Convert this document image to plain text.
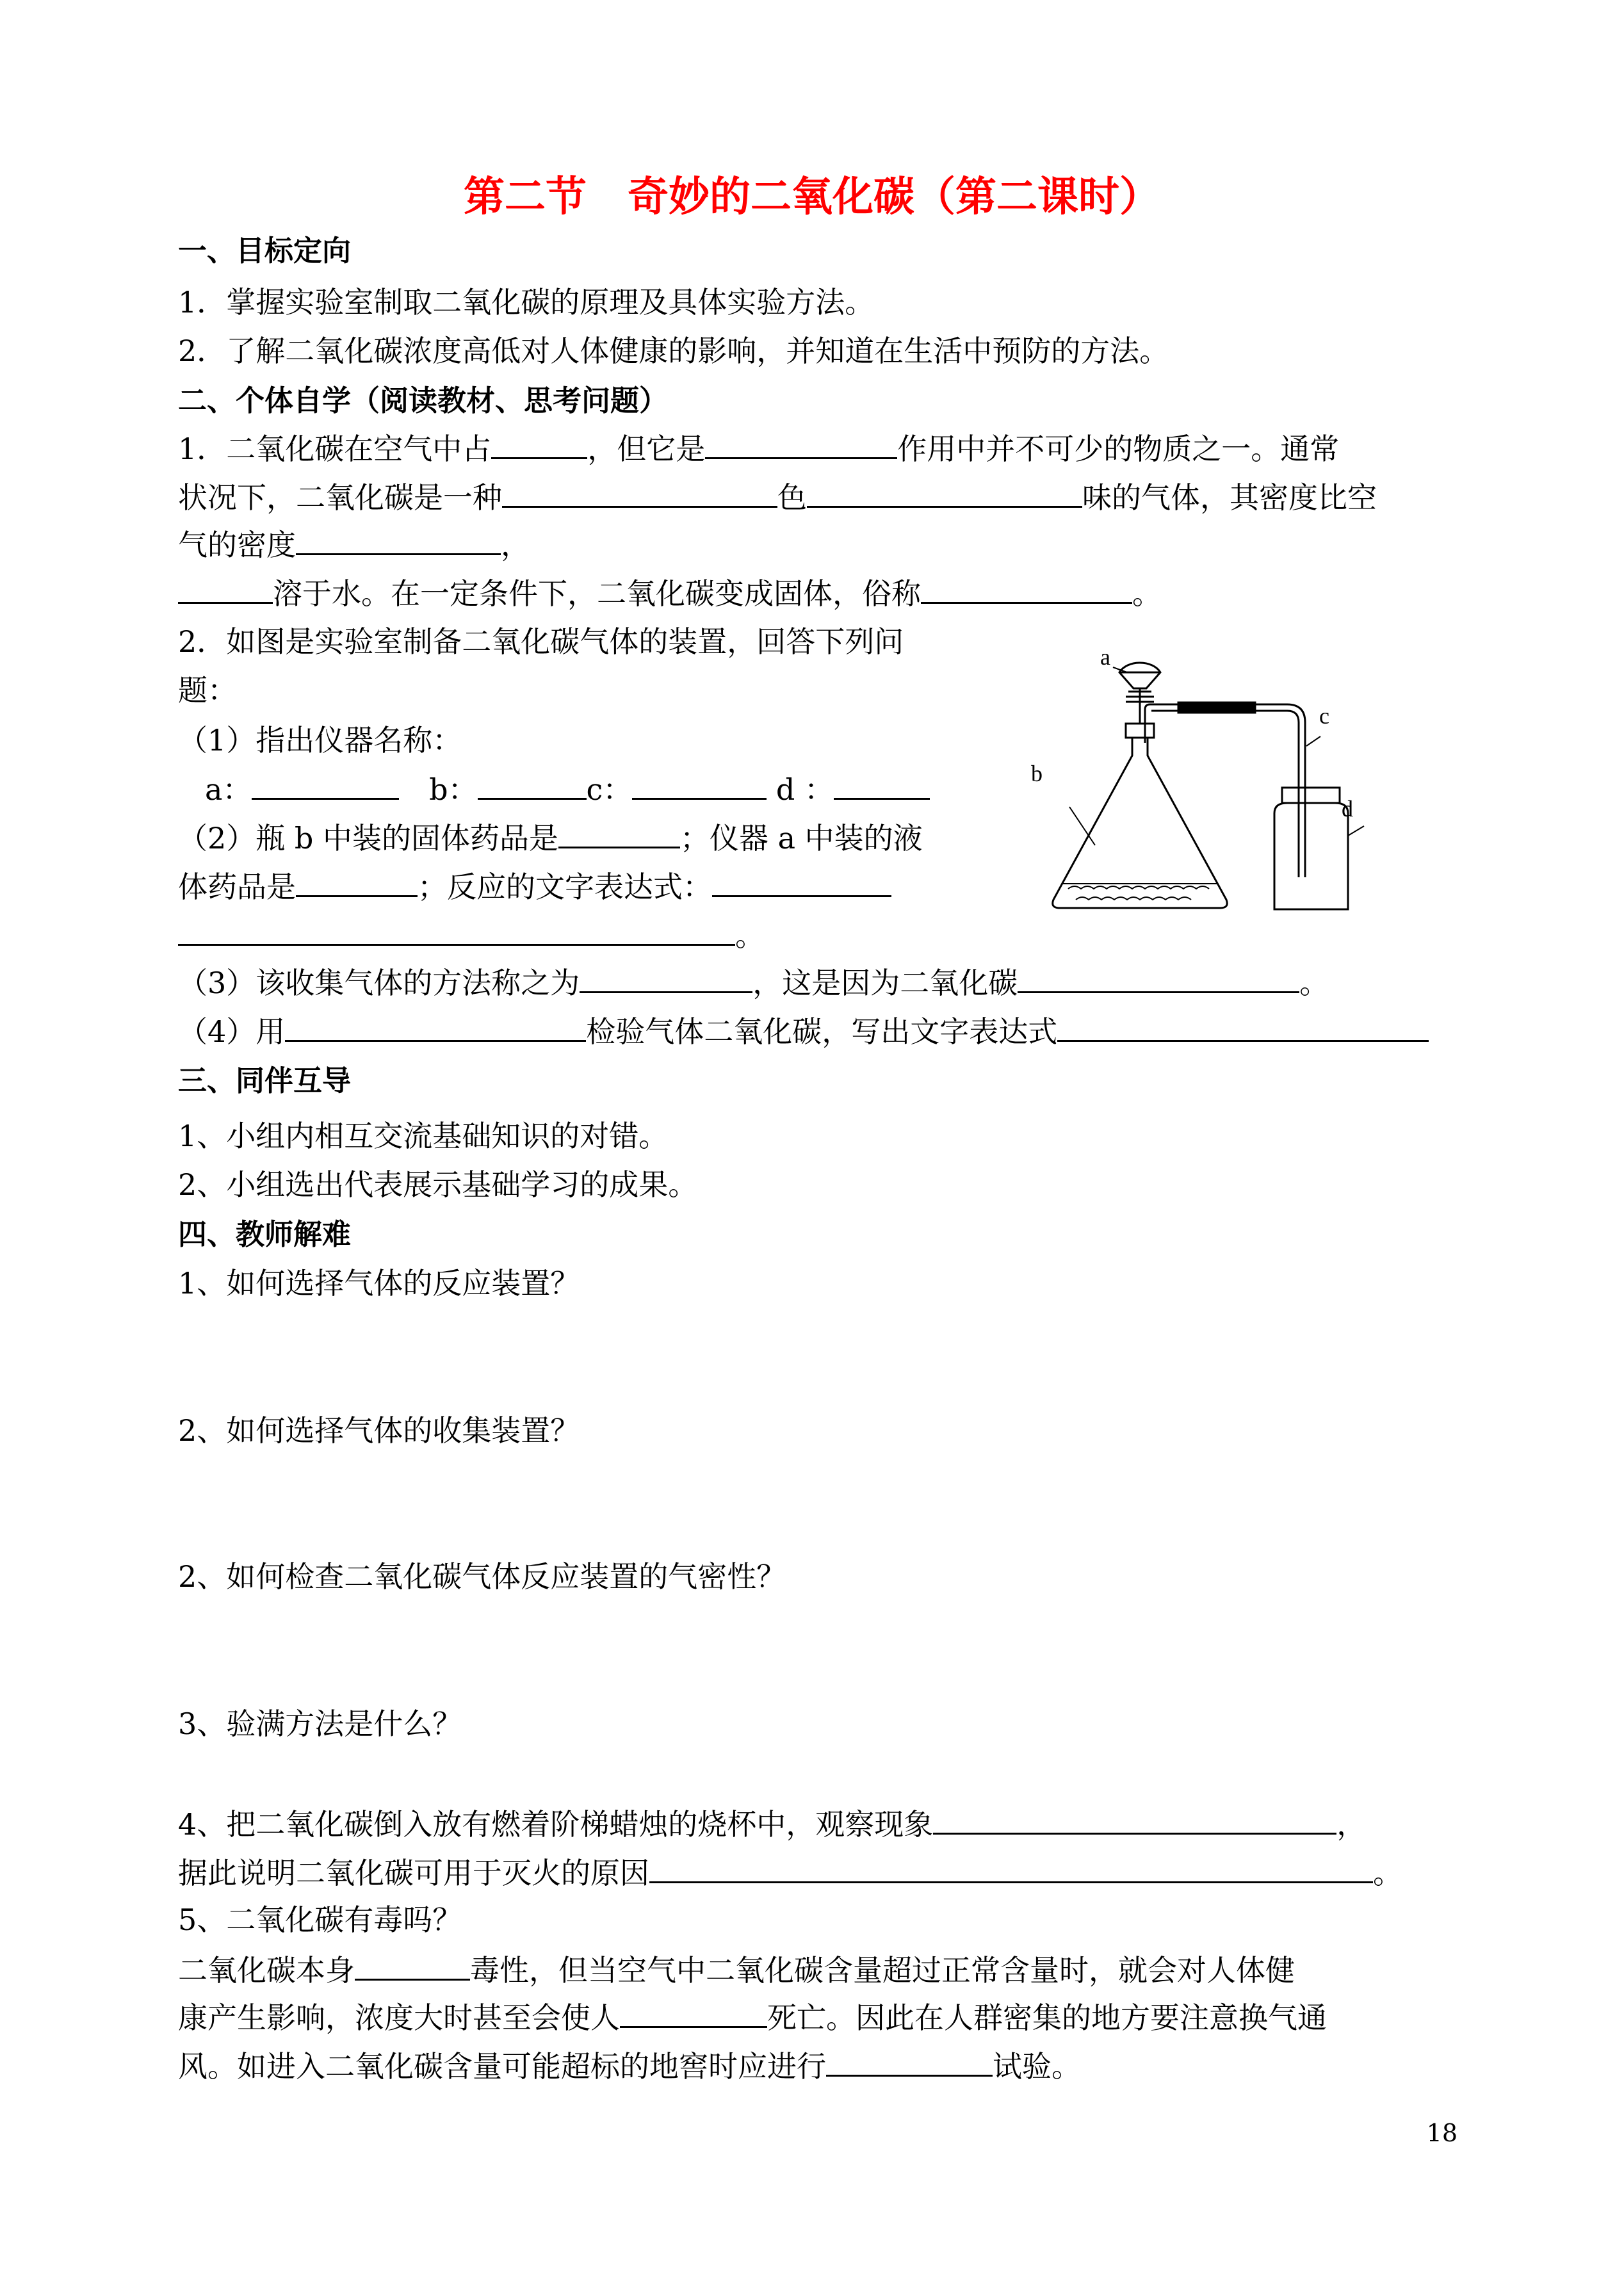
第二节　奇妙的二氧化碳（第二课时）
一、目标定向
1．掌握实验室制取二氧化碳的原理及具体实验方法。
2．了解二氧化碳浓度高低对人体健康的影响，并知道在生活中预防的方法。
二、个体自学（阅读教材、思考问题）
1．二氧化碳在空气中占	，但它是	作用中并不可少的物质之一。通常
状况下，二氧化碳是一种	色	味的气体，其密度比空
气的密度	，
溶于水。在一定条件下，二氧化碳变成固体，俗称	。
2．如图是实验室制备二氧化碳气体的装置，回答下列问
题：
（1）指出仪器名称：
a：	b：	c：	d ：
（2）瓶 b 中装的固体药品是	；仪器 a 中装的液
体药品是	；反应的文字表达式：
。
（3）该收集气体的方法称之为	，这是因为二氧化碳	。
（4）用	检验气体二氧化碳，写出文字表达式
a
c
b
d
三、同伴互导
1、小组内相互交流基础知识的对错。
2、小组选出代表展示基础学习的成果。
四、教师解难
1、如何选择气体的反应装置？
2、如何选择气体的收集装置？
2、如何检查二氧化碳气体反应装置的气密性？
3、验满方法是什么？
4、把二氧化碳倒入放有燃着阶梯蜡烛的烧杯中，观察现象	，
据此说明二氧化碳可用于灭火的原因	。
5、二氧化碳有毒吗？
二氧化碳本身	毒性，但当空气中二氧化碳含量超过正常含量时，就会对人体健
康产生影响，浓度大时甚至会使人	死亡。因此在人群密集的地方要注意换气通
风。如进入二氧化碳含量可能超标的地窖时应进行	试验。
18
